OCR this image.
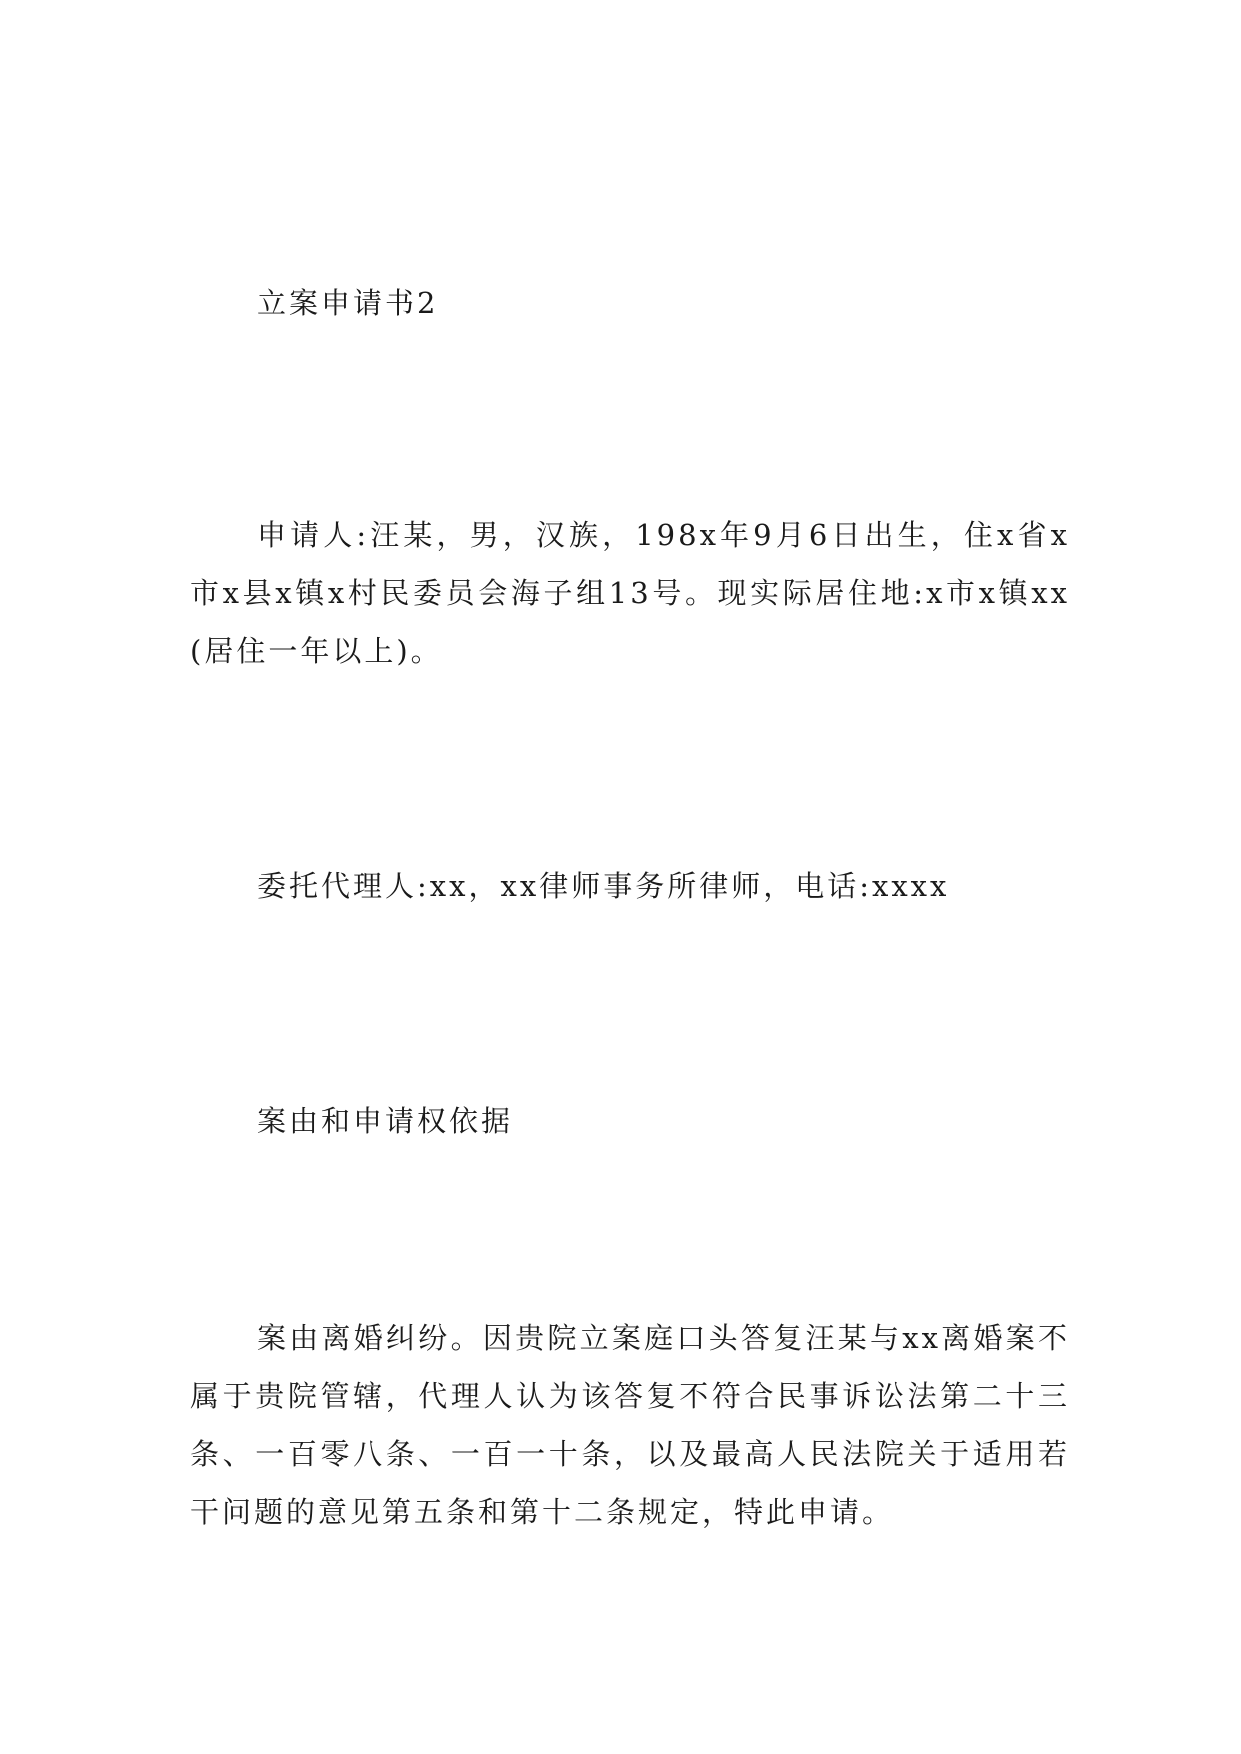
立案申请书2

申请人:汪某，男，汉族，198x年9月6日出生，住x省x市x县x镇x村民委员会海子组13号。现实际居住地:x市x镇xx(居住一年以上)。

委托代理人:xx，xx律师事务所律师，电话:xxxx

案由和申请权依据

案由离婚纠纷。因贵院立案庭口头答复汪某与xx离婚案不属于贵院管辖，代理人认为该答复不符合民事诉讼法第二十三条、一百零八条、一百一十条，以及最高人民法院关于适用若干问题的意见第五条和第十二条规定，特此申请。
